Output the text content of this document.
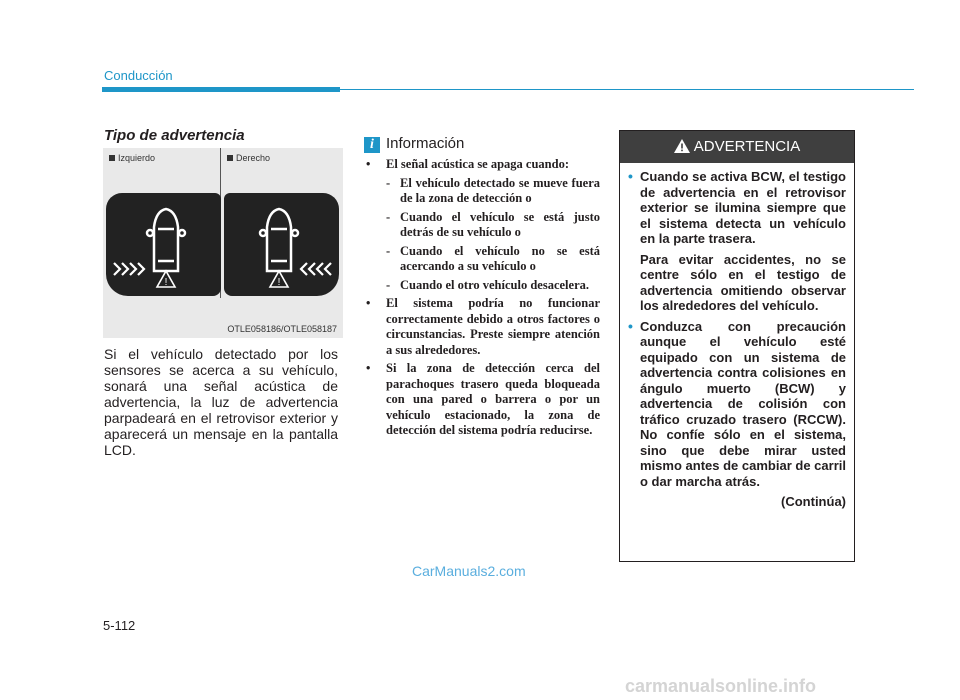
Conducción
Tipo de advertencia
Izquierdo	Derecho
!	!
OTLE058186/OTLE058187
Si el vehículo detectado por los sensores se acerca a su vehículo, sonará una señal acústica de advertencia, la luz de advertencia parpadeará en el retrovisor exterior y aparecerá un mensaje en la pantalla LCD.
i Información
• El señal acústica se apaga cuando:
- El vehículo detectado se mueve fuera de la zona de detección o
- Cuando el vehículo se está justo detrás de su vehículo o
- Cuando el vehículo no se está acercando a su vehículo o
- Cuando el otro vehículo desacelera.
• El sistema podría no funcionar correctamente debido a otros factores o circunstancias. Preste siempre atención a sus alrededores.
• Si la zona de detección cerca del parachoques trasero queda bloqueada con una pared o barrera o por un vehículo estacionado, la zona de detección del sistema podría reducirse.
ADVERTENCIA
• Cuando se activa BCW, el testigo de advertencia en el retrovisor exterior se ilumina siempre que el sistema detecta un vehículo en la parte trasera.

Para evitar accidentes, no se centre sólo en el testigo de advertencia omitiendo observar los alrededores del vehículo.

• Conduzca con precaución aunque el vehículo esté equipado con un sistema de advertencia contra colisiones en ángulo muerto (BCW) y advertencia de colisión con tráfico cruzado trasero (RCCW). No confíe sólo en el sistema, sino que debe mirar usted mismo antes de cambiar de carril o dar marcha atrás.

(Continúa)
CarManuals2.com
5-112
carmanualsonline.info
